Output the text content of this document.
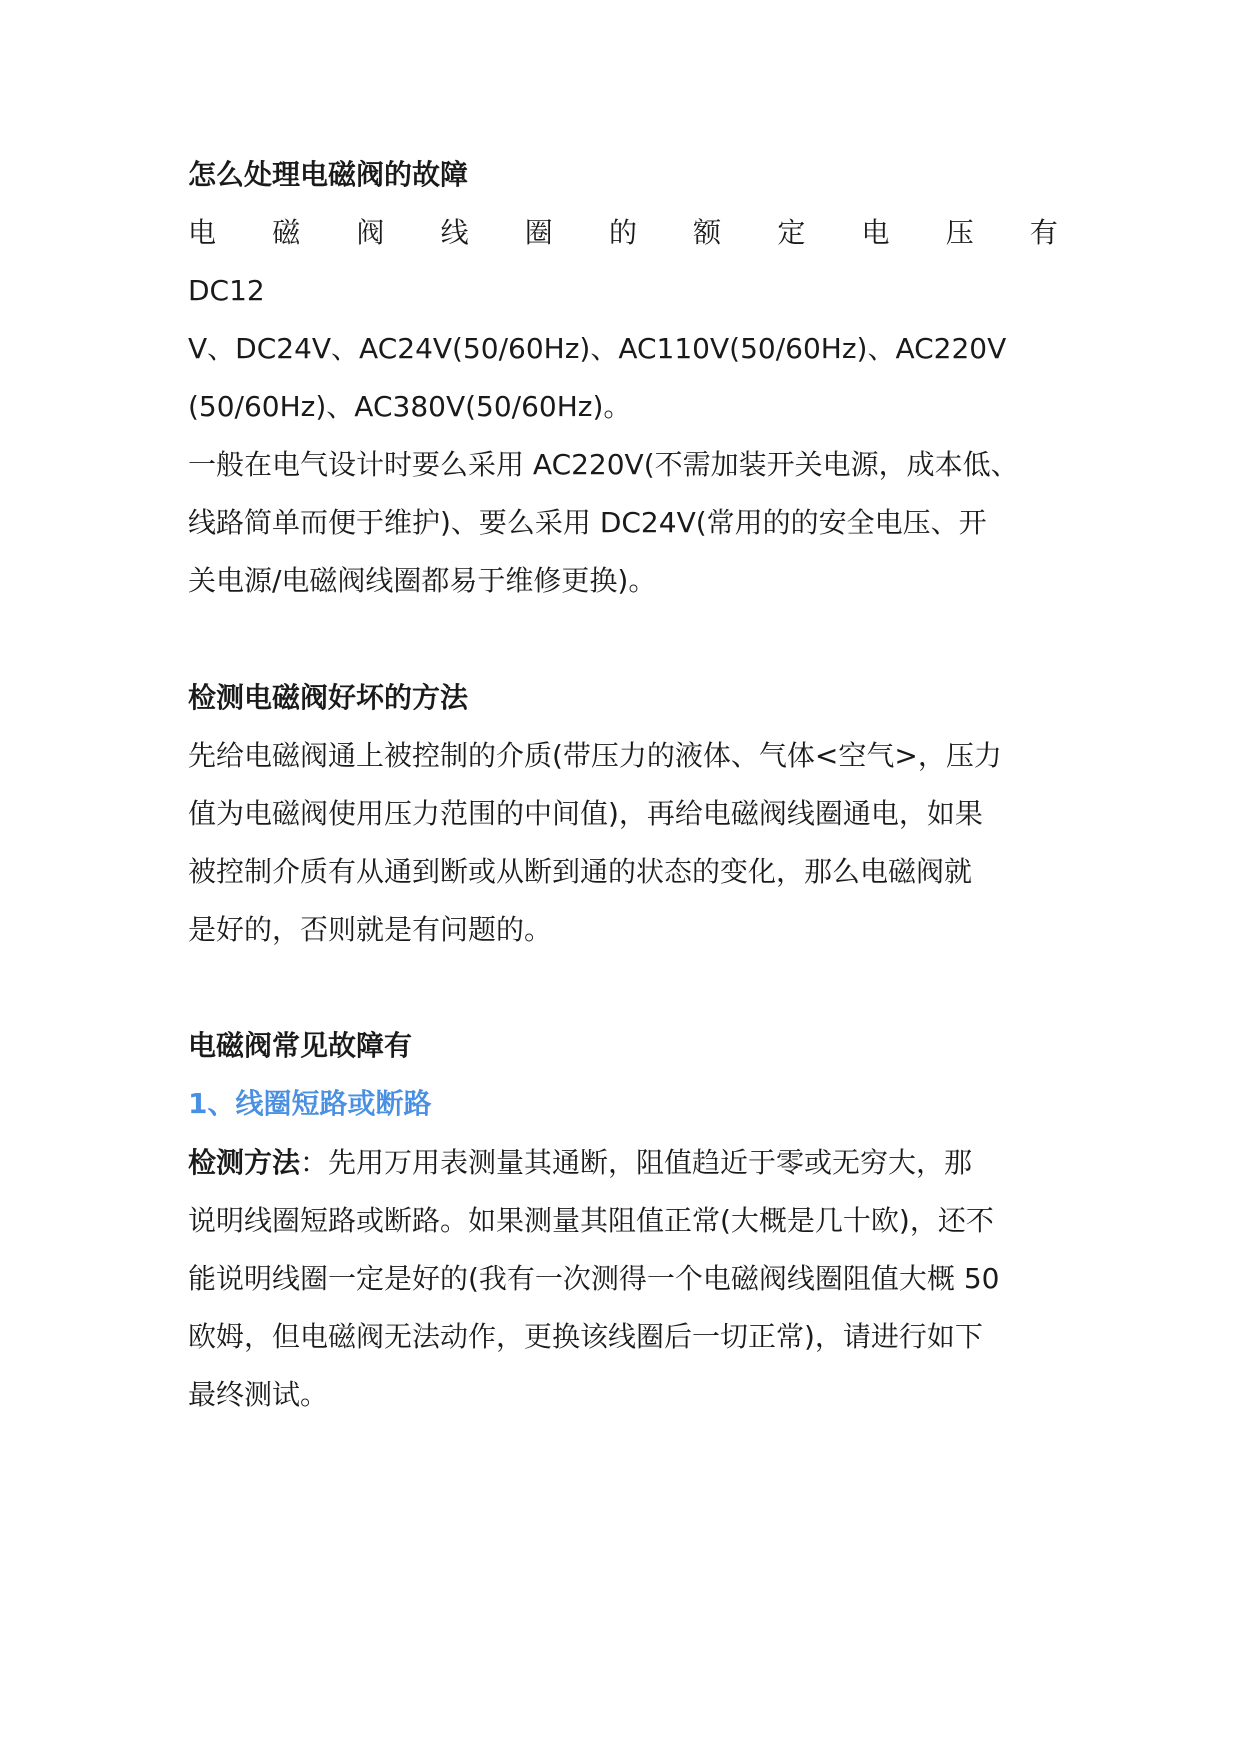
怎么处理电磁阀的故障
电 磁 阀 线 圈 的 额 定 电 压 有
DC12
V、DC24V、AC24V(50/60Hz)、AC110V(50/60Hz)、AC220V
(50/60Hz)、AC380V(50/60Hz)。
一般在电气设计时要么采用 AC220V(不需加装开关电源，成本低、
线路简单而便于维护)、要么采用 DC24V(常用的的安全电压、开
关电源/电磁阀线圈都易于维修更换)。
检测电磁阀好坏的方法
先给电磁阀通上被控制的介质(带压力的液体、气体<空气>，压力
值为电磁阀使用压力范围的中间值)，再给电磁阀线圈通电，如果
被控制介质有从通到断或从断到通的状态的变化，那么电磁阀就
是好的，否则就是有问题的。
电磁阀常见故障有
1、线圈短路或断路
检测方法：先用万用表测量其通断，阻值趋近于零或无穷大，那
说明线圈短路或断路。如果测量其阻值正常(大概是几十欧)，还不
能说明线圈一定是好的(我有一次测得一个电磁阀线圈阻值大概 50
欧姆，但电磁阀无法动作，更换该线圈后一切正常)，请进行如下
最终测试。
